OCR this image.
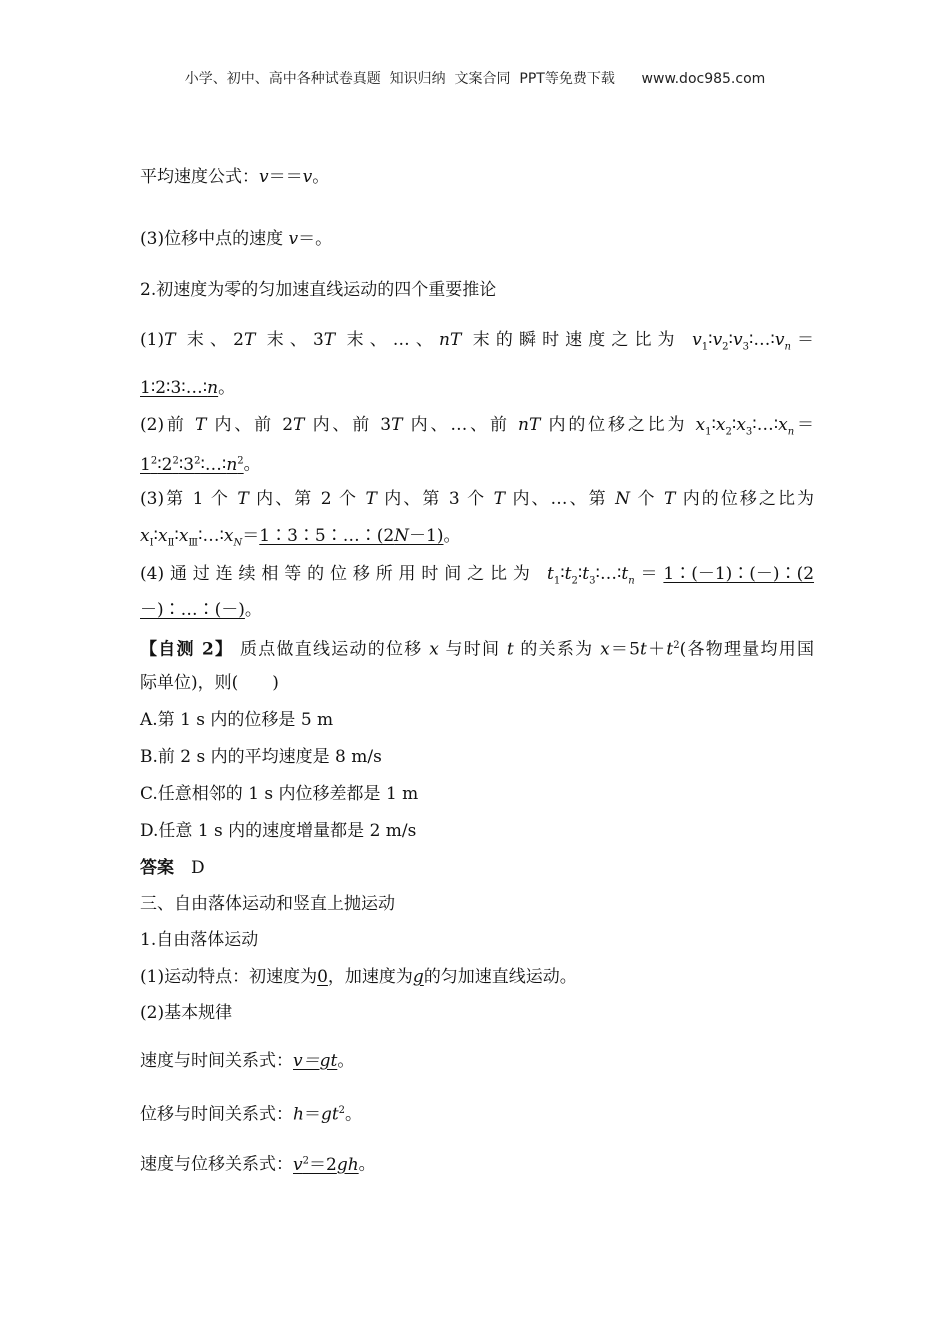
小学、初中、高中各种试卷真题  知识归纳  文案合同  PPT等免费下载      www.doc985.com
平均速度公式：v＝＝v。
(3)位移中点的速度 v＝。
2.初速度为零的匀加速直线运动的四个重要推论
(1)T 末、2T 末、3T 末、…、nT 末的瞬时速度之比为 $v_1∶v_2∶v_3∶\dots∶v_n=$
1∶2∶3∶…∶n。
(2)前 T 内、前 2T 内、前 3T 内、…、前 nT 内的位移之比为 $x_1∶x_2∶x_3∶\dots∶x_n=$
$1^2∶2^2∶3^2∶\dots∶n^2$。
(3)第 1 个 T 内、第 2 个 T 内、第 3 个 T 内、…、第 N 个 T 内的位移之比为
$x_Ⅰ∶x_Ⅱ∶x_Ⅲ∶\dots∶x_N=1∶3∶5∶\dots∶(2N-1)$。
(4)通过连续相等的位移所用时间之比为 $t_1∶t_2∶t_3∶\dots∶t_n=1∶(-1)∶(-)∶(2$
－)∶…∶(－)。
【自测 2】 质点做直线运动的位移 x 与时间 t 的关系为 $x=5t+t^2$(各物理量均用国
际单位)，则(　　)
A.第 1 s 内的位移是 5 m
B.前 2 s 内的平均速度是 8 m/s
C.任意相邻的 1 s 内位移差都是 1 m
D.任意 1 s 内的速度增量都是 2 m/s
答案　 D
三、自由落体运动和竖直上抛运动
1.自由落体运动
(1)运动特点：初速度为0，加速度为g的匀加速直线运动。
(2)基本规律
速度与时间关系式：v＝gt。
位移与时间关系式：$h=gt^2$。
速度与位移关系式：$v^2=2gh$。
